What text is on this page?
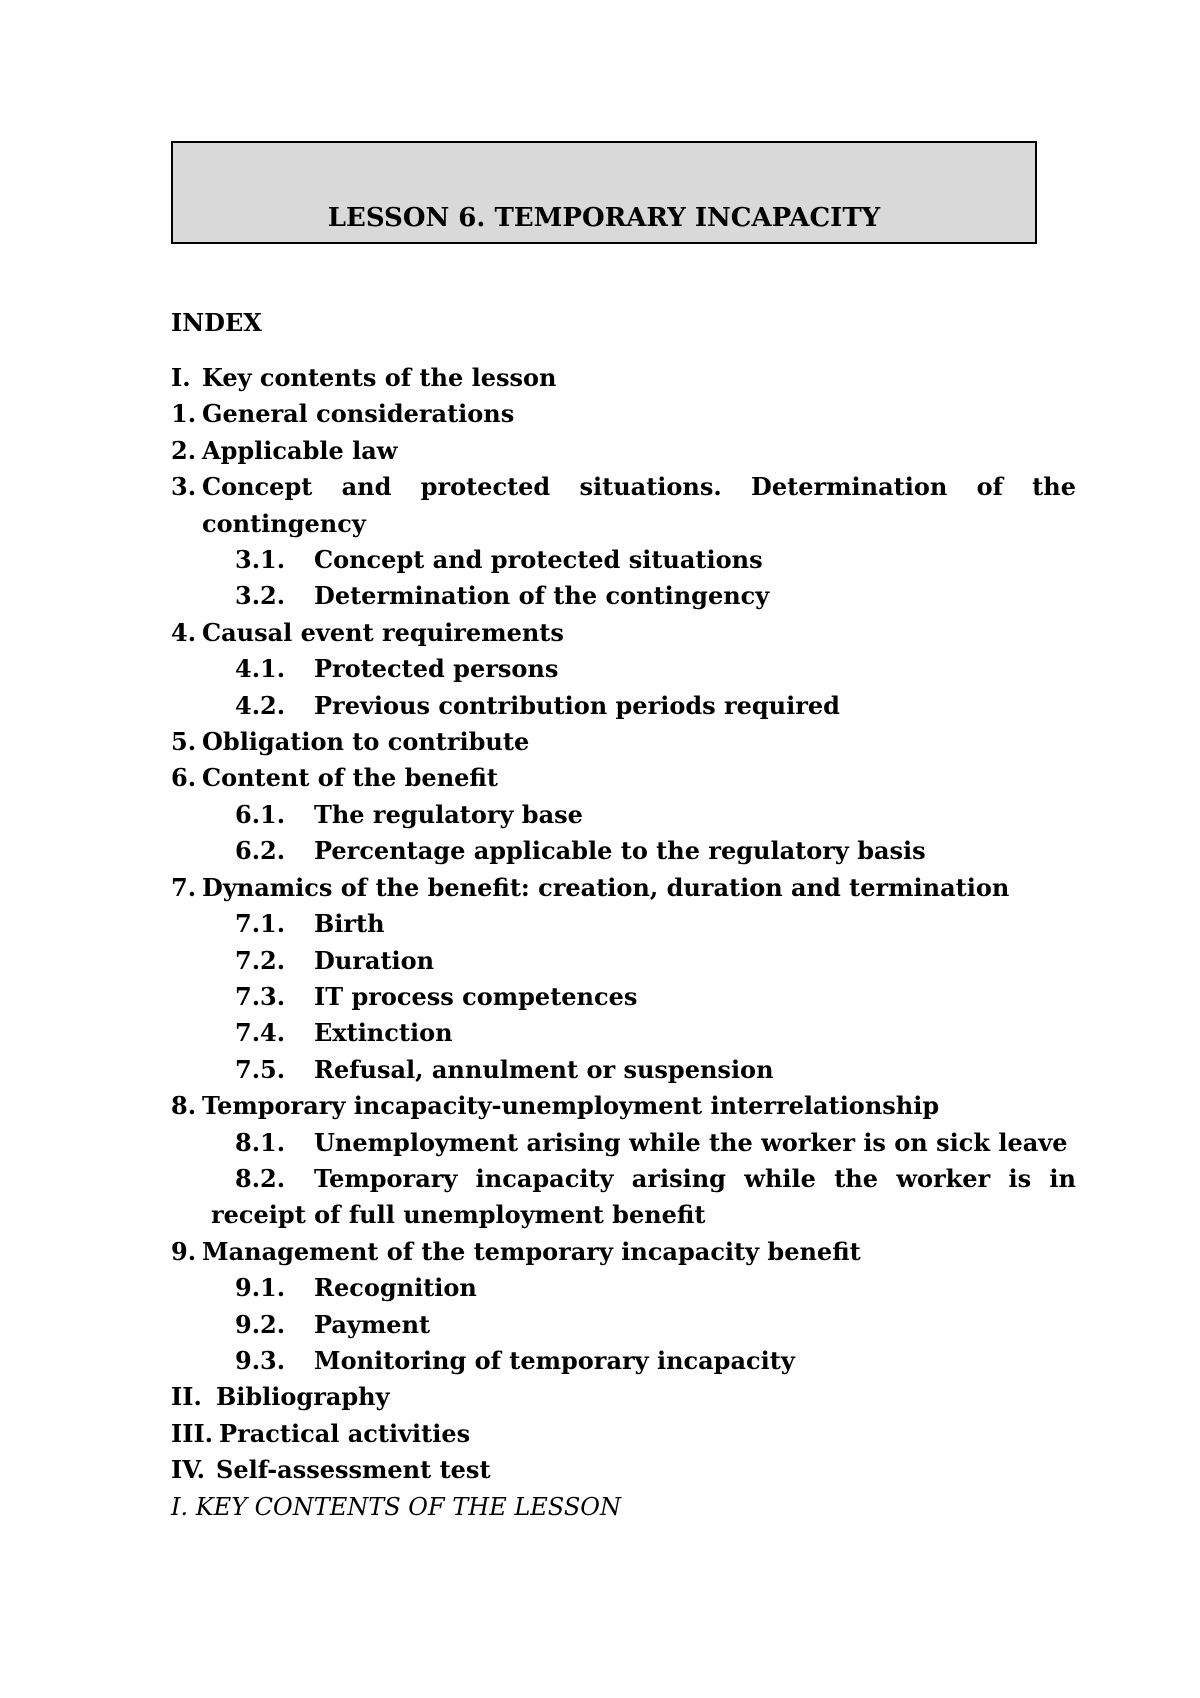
LESSON 6. TEMPORARY INCAPACITY
INDEX
I. Key contents of the lesson
1. General considerations
2. Applicable law
3. Concept and protected situations. Determination of the
contingency
3.1. Concept and protected situations
3.2. Determination of the contingency
4. Causal event requirements
4.1. Protected persons
4.2. Previous contribution periods required
5. Obligation to contribute
6. Content of the benefit
6.1. The regulatory base
6.2. Percentage applicable to the regulatory basis
7. Dynamics of the benefit: creation, duration and termination
7.1. Birth
7.2. Duration
7.3. IT process competences
7.4. Extinction
7.5. Refusal, annulment or suspension
8. Temporary incapacity-unemployment interrelationship
8.1. Unemployment arising while the worker is on sick leave
8.2. Temporary incapacity arising while the worker is in
receipt of full unemployment benefit
9. Management of the temporary incapacity benefit
9.1. Recognition
9.2. Payment
9.3. Monitoring of temporary incapacity
II. Bibliography
III. Practical activities
IV. Self-assessment test
I. KEY CONTENTS OF THE LESSON
